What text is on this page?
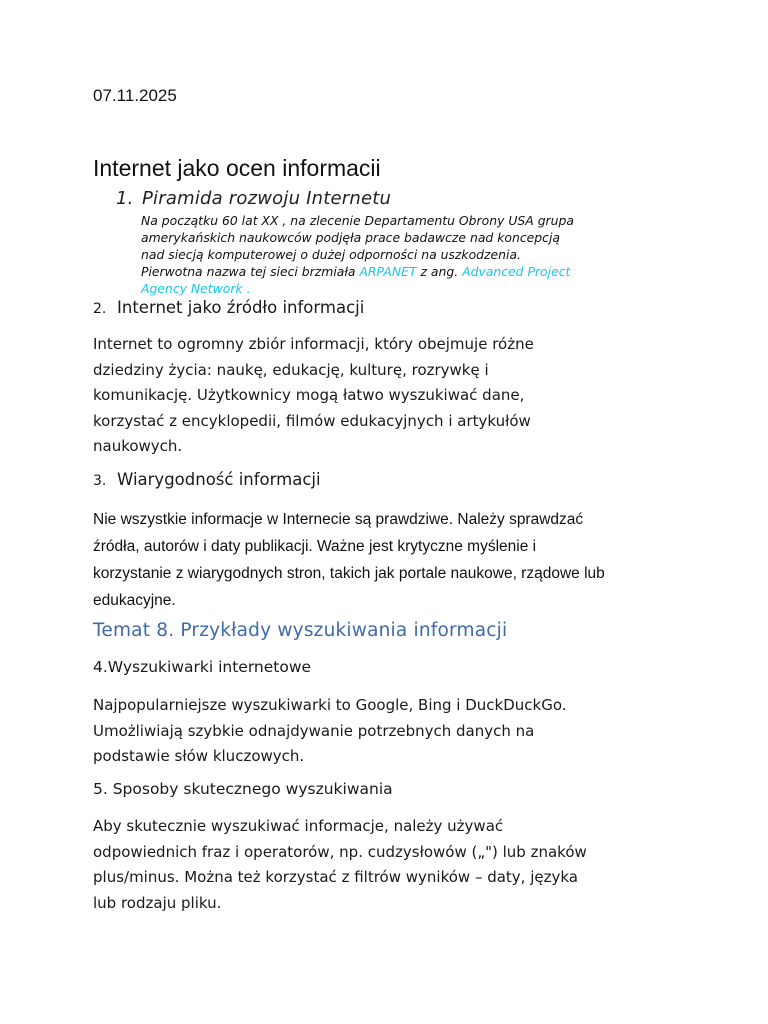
07.11.2025
Internet jako ocen informacii
1. Piramida rozwoju Internetu
Na początku 60 lat XX , na zlecenie Departamentu Obrony USA grupa
amerykańskich naukowców podjęła prace badawcze nad koncepcją
nad siecją komputerowej o dużej odporności na uszkodzenia.
Pierwotna nazwa tej sieci brzmiała ARPANET z ang. Advanced Project
Agency Network .
2. Internet jako źródło informacji
Internet to ogromny zbiór informacji, który obejmuje różne
dziedziny życia: naukę, edukację, kulturę, rozrywkę i
komunikację. Użytkownicy mogą łatwo wyszukiwać dane,
korzystać z encyklopedii, filmów edukacyjnych i artykułów
naukowych.
3. Wiarygodność informacji
Nie wszystkie informacje w Internecie są prawdziwe. Należy sprawdzać
źródła, autorów i daty publikacji. Ważne jest krytyczne myślenie i
korzystanie z wiarygodnych stron, takich jak portale naukowe, rządowe lub
edukacyjne.
Temat 8. Przykłady wyszukiwania informacji
4.Wyszukiwarki internetowe
Najpopularniejsze wyszukiwarki to Google, Bing i DuckDuckGo.
Umożliwiają szybkie odnajdywanie potrzebnych danych na
podstawie słów kluczowych.
5. Sposoby skutecznego wyszukiwania
Aby skutecznie wyszukiwać informacje, należy używać
odpowiednich fraz i operatorów, np. cudzysłowów („") lub znaków
plus/minus. Można też korzystać z filtrów wyników – daty, języka
lub rodzaju pliku.
